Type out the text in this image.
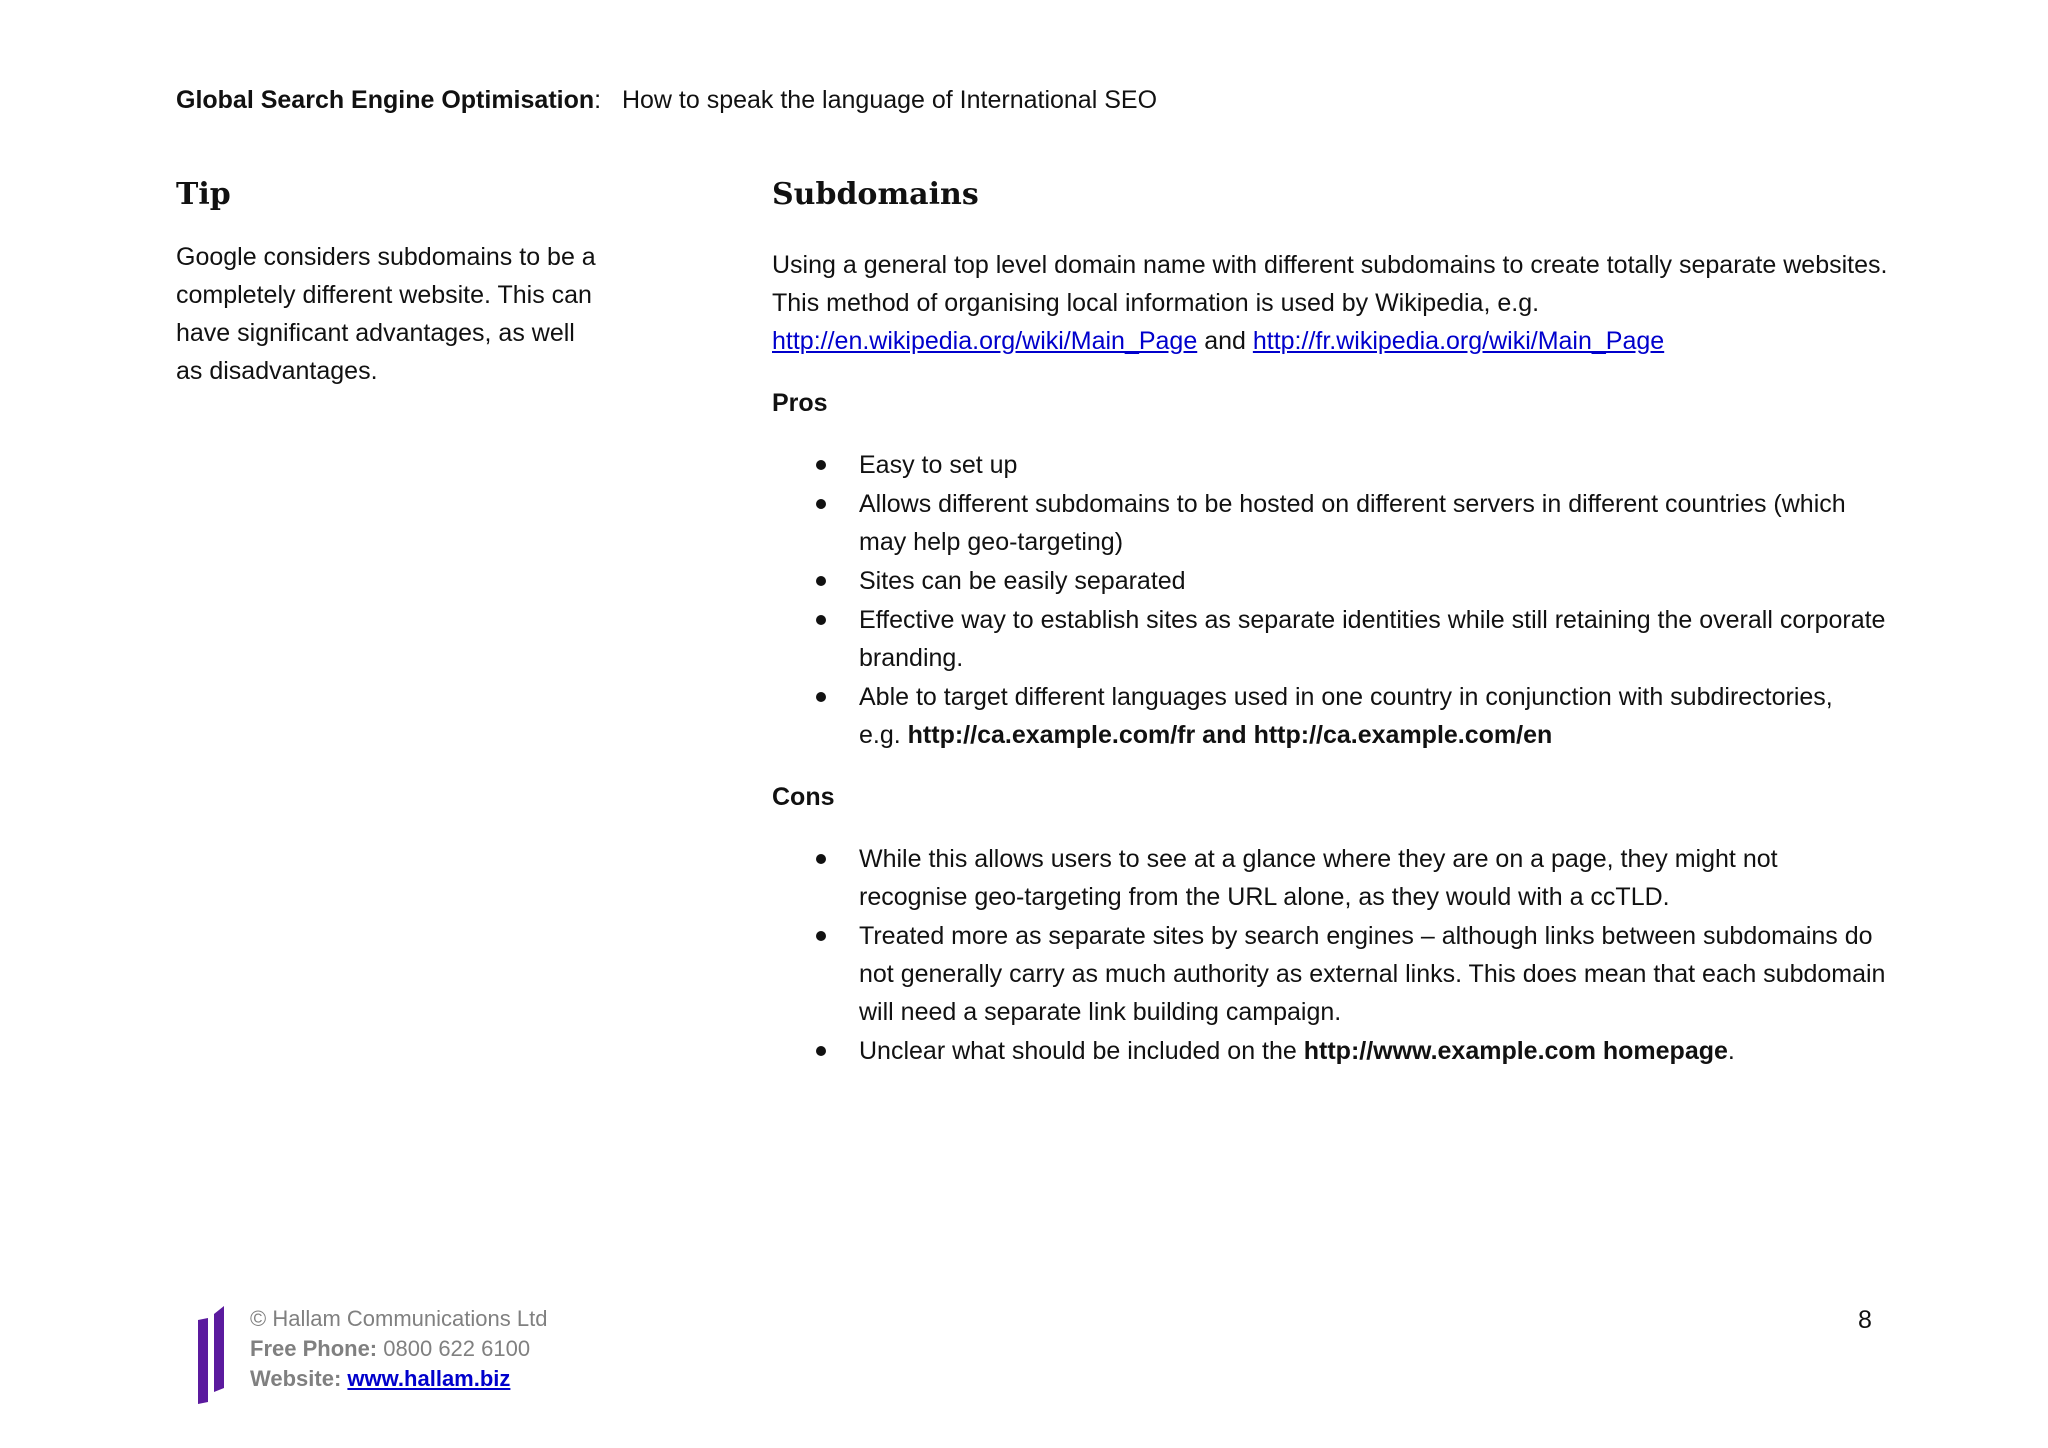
Global Search Engine Optimisation: How to speak the language of International SEO
Tip
Google considers subdomains to be a completely different website. This can have significant advantages, as well as disadvantages.
Subdomains
Using a general top level domain name with different subdomains to create totally separate websites. This method of organising local information is used by Wikipedia, e.g.
http://en.wikipedia.org/wiki/Main_Page and http://fr.wikipedia.org/wiki/Main_Page
Pros
Easy to set up
Allows different subdomains to be hosted on different servers in different countries (which may help geo-targeting)
Sites can be easily separated
Effective way to establish sites as separate identities while still retaining the overall corporate branding.
Able to target different languages used in one country in conjunction with subdirectories,
e.g. http://ca.example.com/fr and http://ca.example.com/en
Cons
While this allows users to see at a glance where they are on a page, they might not recognise geo-targeting from the URL alone, as they would with a ccTLD.
Treated more as separate sites by search engines – although links between subdomains do not generally carry as much authority as external links. This does mean that each subdomain will need a separate link building campaign.
Unclear what should be included on the http://www.example.com homepage.
© Hallam Communications Ltd
Free Phone: 0800 622 6100
Website: www.hallam.biz
8
